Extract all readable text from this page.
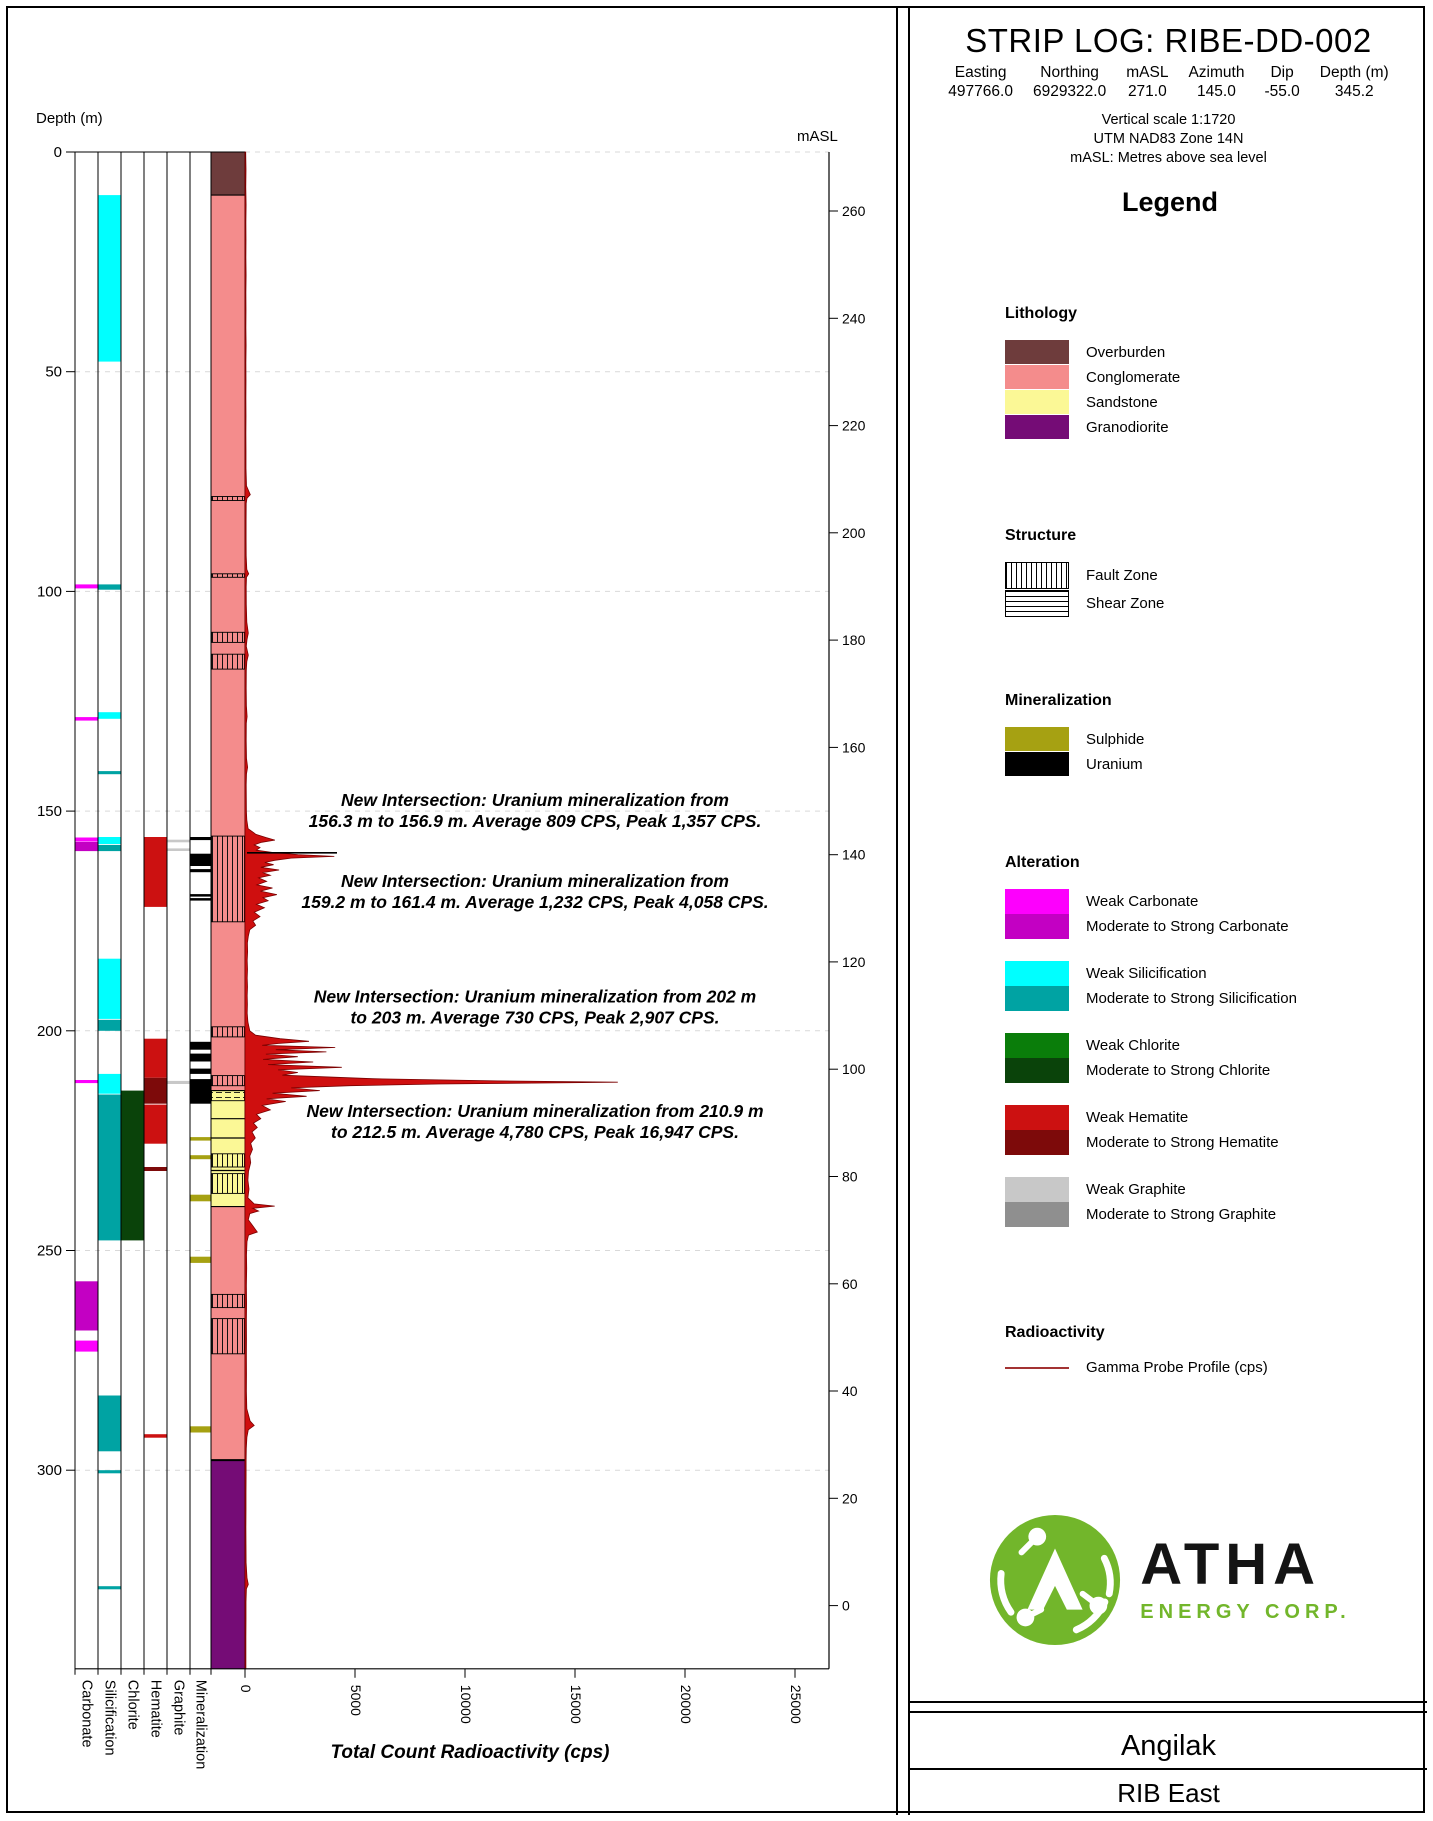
Depth (m)
0
50
100
150
200
250
300
mASL
260
240
220
200
180
160
140
120
100
80
60
40
20
0
0	5000	10000	15000	20000	25000
Total Count Radioactivity (cps)
Carbonate Silicification Chlorite Hematite Graphite Mineralization
New Intersection: Uranium mineralization from
156.3 m to 156.9 m. Average 809 CPS, Peak 1,357 CPS.
New Intersection: Uranium mineralization from
159.2 m to 161.4 m. Average 1,232 CPS, Peak 4,058 CPS.
New Intersection: Uranium mineralization from 202 m
to 203 m. Average 730 CPS, Peak 2,907 CPS.
New Intersection: Uranium mineralization from 210.9 m
to 212.5 m. Average 4,780 CPS, Peak 16,947 CPS.
STRIP LOG: RIBE-DD-002
Easting
497766.0
Northing
6929322.0
mASL
271.0
Azimuth
145.0
Dip
-55.0
Depth (m)
345.2
Vertical scale 1:1720
UTM NAD83 Zone 14N
mASL: Metres above sea level
Legend
Lithology
Overburden
Conglomerate
Sandstone
Granodiorite
Structure
Fault Zone
Shear Zone
Mineralization
Sulphide
Uranium
Alteration
Weak Carbonate
Moderate to Strong Carbonate
Weak Silicification
Moderate to Strong Silicification
Weak Chlorite
Moderate to Strong Chlorite
Weak Hematite
Moderate to Strong Hematite
Weak Graphite
Moderate to Strong Graphite
Radioactivity
Gamma Probe Profile (cps)
ATHA
ENERGY CORP.
Angilak
RIB East
